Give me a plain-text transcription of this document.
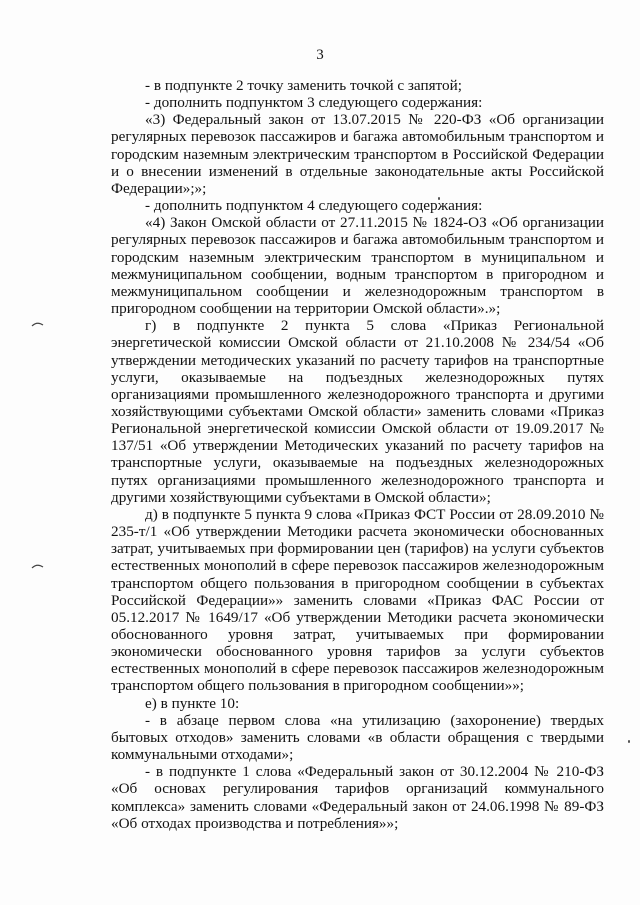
3

- в подпункте 2 точку заменить точкой с запятой;

- дополнить подпунктом 3 следующего содержания:

«3) Федеральный закон от 13.07.2015 № 220-ФЗ «Об организации регулярных перевозок пассажиров и багажа автомобильным транспортом и городским наземным электрическим транспортом в Российской Федерации и о внесении изменений в отдельные законодательные акты Российской Федерации»;»;

- дополнить подпунктом 4 следующего содержания:

«4) Закон Омской области от 27.11.2015 № 1824-ОЗ «Об организации регулярных перевозок пассажиров и багажа автомобильным транспортом и городским наземным электрическим транспортом в муниципальном и межмуниципальном сообщении, водным транспортом в пригородном и межмуниципальном сообщении и железнодорожным транспортом в пригородном сообщении на территории Омской области».»;

г) в подпункте 2 пункта 5 слова «Приказ Региональной энергетической комиссии Омской области от 21.10.2008 № 234/54 «Об утверждении методических указаний по расчету тарифов на транспортные услуги, оказываемые на подъездных железнодорожных путях организациями промышленного железнодорожного транспорта и другими хозяйствующими субъектами Омской области» заменить словами «Приказ Региональной энергетической комиссии Омской области от 19.09.2017 № 137/51 «Об утверждении Методических указаний по расчету тарифов на транспортные услуги, оказываемые на подъездных железнодорожных путях организациями промышленного железнодорожного транспорта и другими хозяйствующими субъектами в Омской области»;

д) в подпункте 5 пункта 9 слова «Приказ ФСТ России от 28.09.2010 № 235-т/1 «Об утверждении Методики расчета экономически обоснованных затрат, учитываемых при формировании цен (тарифов) на услуги субъектов естественных монополий в сфере перевозок пассажиров железнодорожным транспортом общего пользования в пригородном сообщении в субъектах Российской Федерации»» заменить словами «Приказ ФАС России от 05.12.2017 № 1649/17 «Об утверждении Методики расчета экономически обоснованного уровня затрат, учитываемых при формировании экономически обоснованного уровня тарифов за услуги субъектов естественных монополий в сфере перевозок пассажиров железнодорожным транспортом общего пользования в пригородном сообщении»»;

е) в пункте 10:

- в абзаце первом слова «на утилизацию (захоронение) твердых бытовых отходов» заменить словами «в области обращения с твердыми коммунальными отходами»;

- в подпункте 1 слова «Федеральный закон от 30.12.2004 № 210-ФЗ «Об основах регулирования тарифов организаций коммунального комплекса» заменить словами «Федеральный закон от 24.06.1998 № 89-ФЗ «Об отходах производства и потребления»»;
